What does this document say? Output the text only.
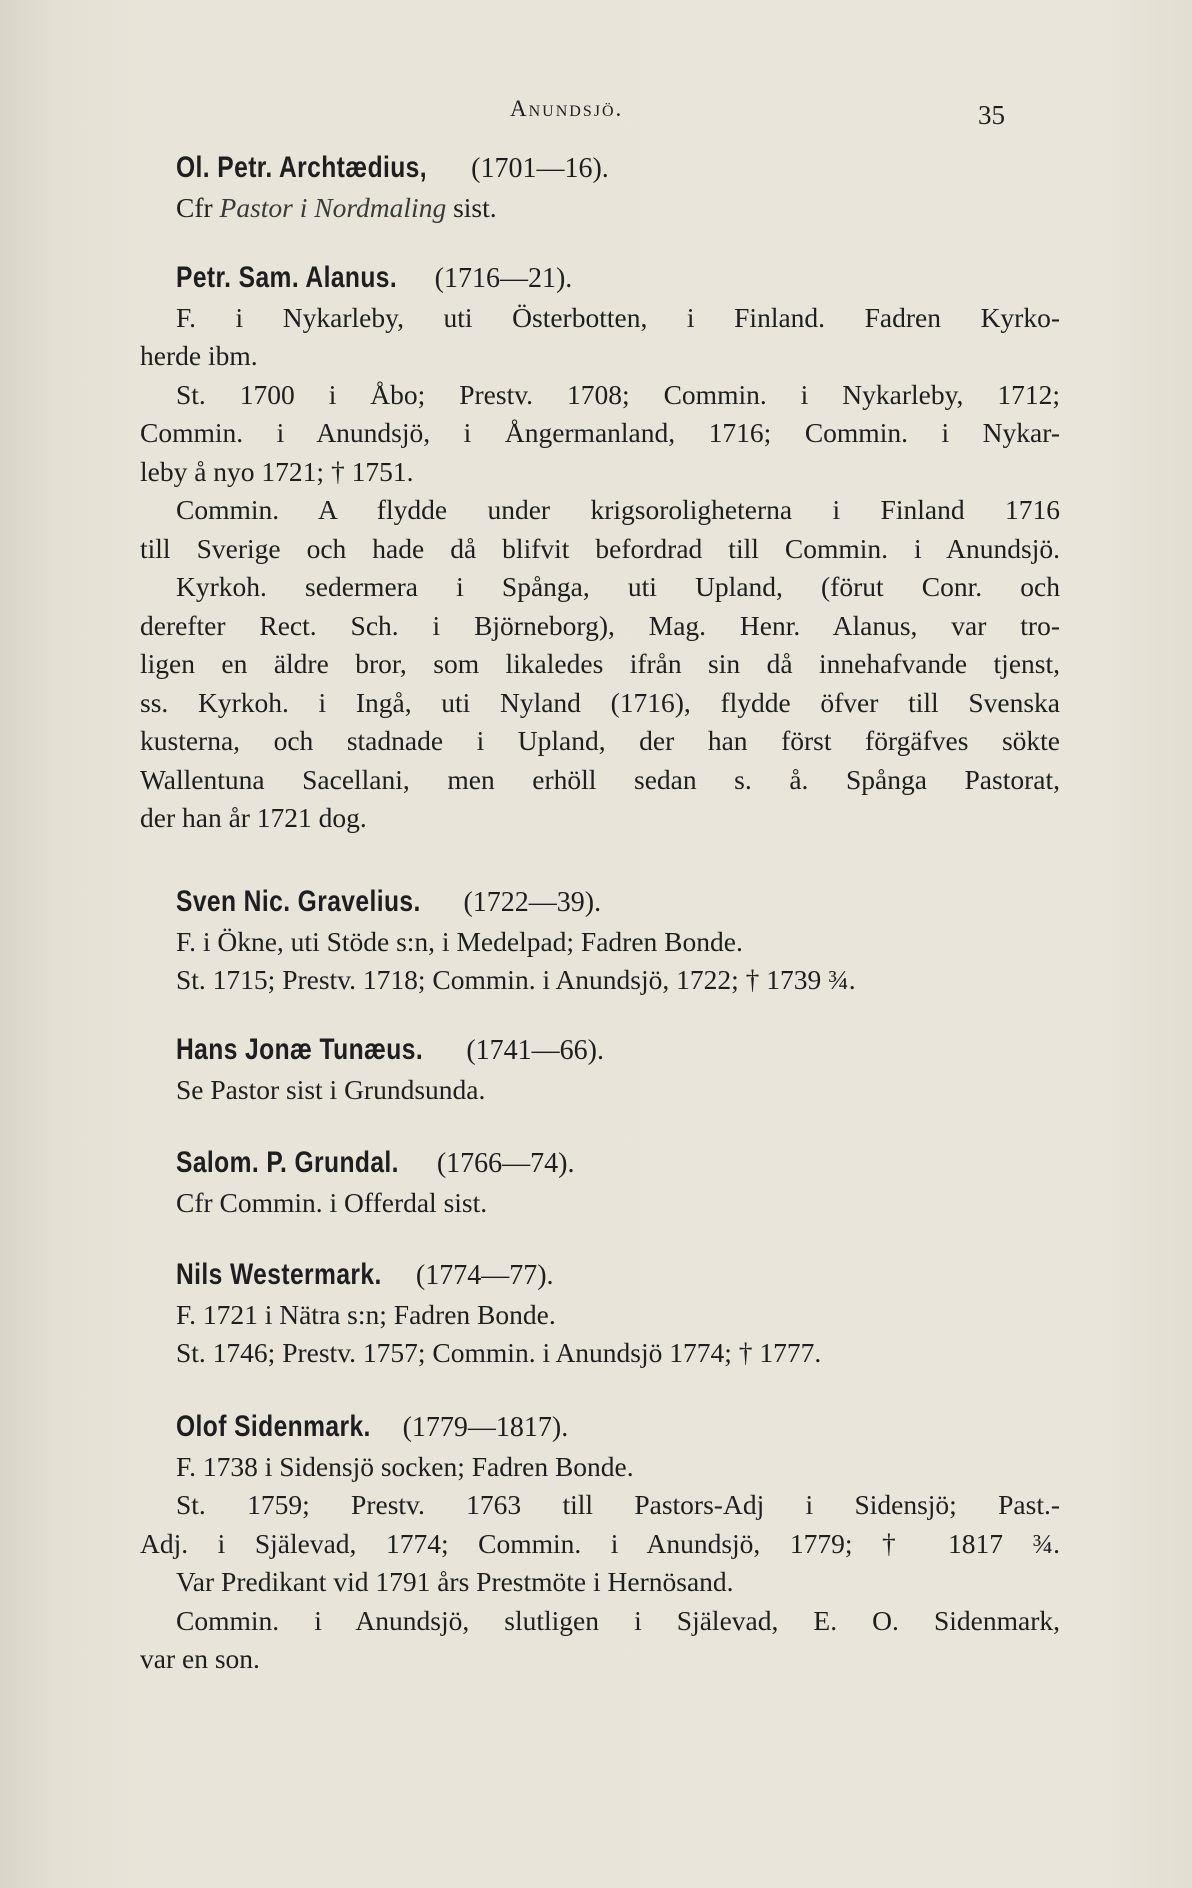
Anundsjö.	35
Ol. Petr. Archtædius, (1701—16).
Cfr Pastor i Nordmaling sist.
Petr. Sam. Alanus. (1716—21).
F. i Nykarleby, uti Österbotten, i Finland. Fadren Kyrko-
herde ibm.
St. 1700 i Åbo; Prestv. 1708; Commin. i Nykarleby, 1712;
Commin. i Anundsjö, i Ångermanland, 1716; Commin. i Nykar-
leby å nyo 1721; † 1751.
Commin. A flydde under krigsoroligheterna i Finland 1716
till Sverige och hade då blifvit befordrad till Commin. i Anundsjö.
Kyrkoh. sedermera i Spånga, uti Upland, (förut Conr. och
derefter Rect. Sch. i Björneborg), Mag. Henr. Alanus, var tro-
ligen en äldre bror, som likaledes ifrån sin då innehafvande tjenst,
ss. Kyrkoh. i Ingå, uti Nyland (1716), flydde öfver till Svenska
kusterna, och stadnade i Upland, der han först förgäfves sökte
Wallentuna Sacellani, men erhöll sedan s. å. Spånga Pastorat,
der han år 1721 dog.
Sven Nic. Gravelius. (1722—39).
F. i Ökne, uti Stöde s:n, i Medelpad; Fadren Bonde.
St. 1715; Prestv. 1718; Commin. i Anundsjö, 1722; † 1739 ¾.
Hans Jonæ Tunæus. (1741—66).
Se Pastor sist i Grundsunda.
Salom. P. Grundal. (1766—74).
Cfr Commin. i Offerdal sist.
Nils Westermark. (1774—77).
F. 1721 i Nätra s:n; Fadren Bonde.
St. 1746; Prestv. 1757; Commin. i Anundsjö 1774; † 1777.
Olof Sidenmark. (1779—1817).
F. 1738 i Sidensjö socken; Fadren Bonde.
St. 1759; Prestv. 1763 till Pastors-Adj i Sidensjö; Past.-
Adj. i Själevad, 1774; Commin. i Anundsjö, 1779; † 1817 ¾.
Var Predikant vid 1791 års Prestmöte i Hernösand.
Commin. i Anundsjö, slutligen i Själevad, E. O. Sidenmark,
var en son.
